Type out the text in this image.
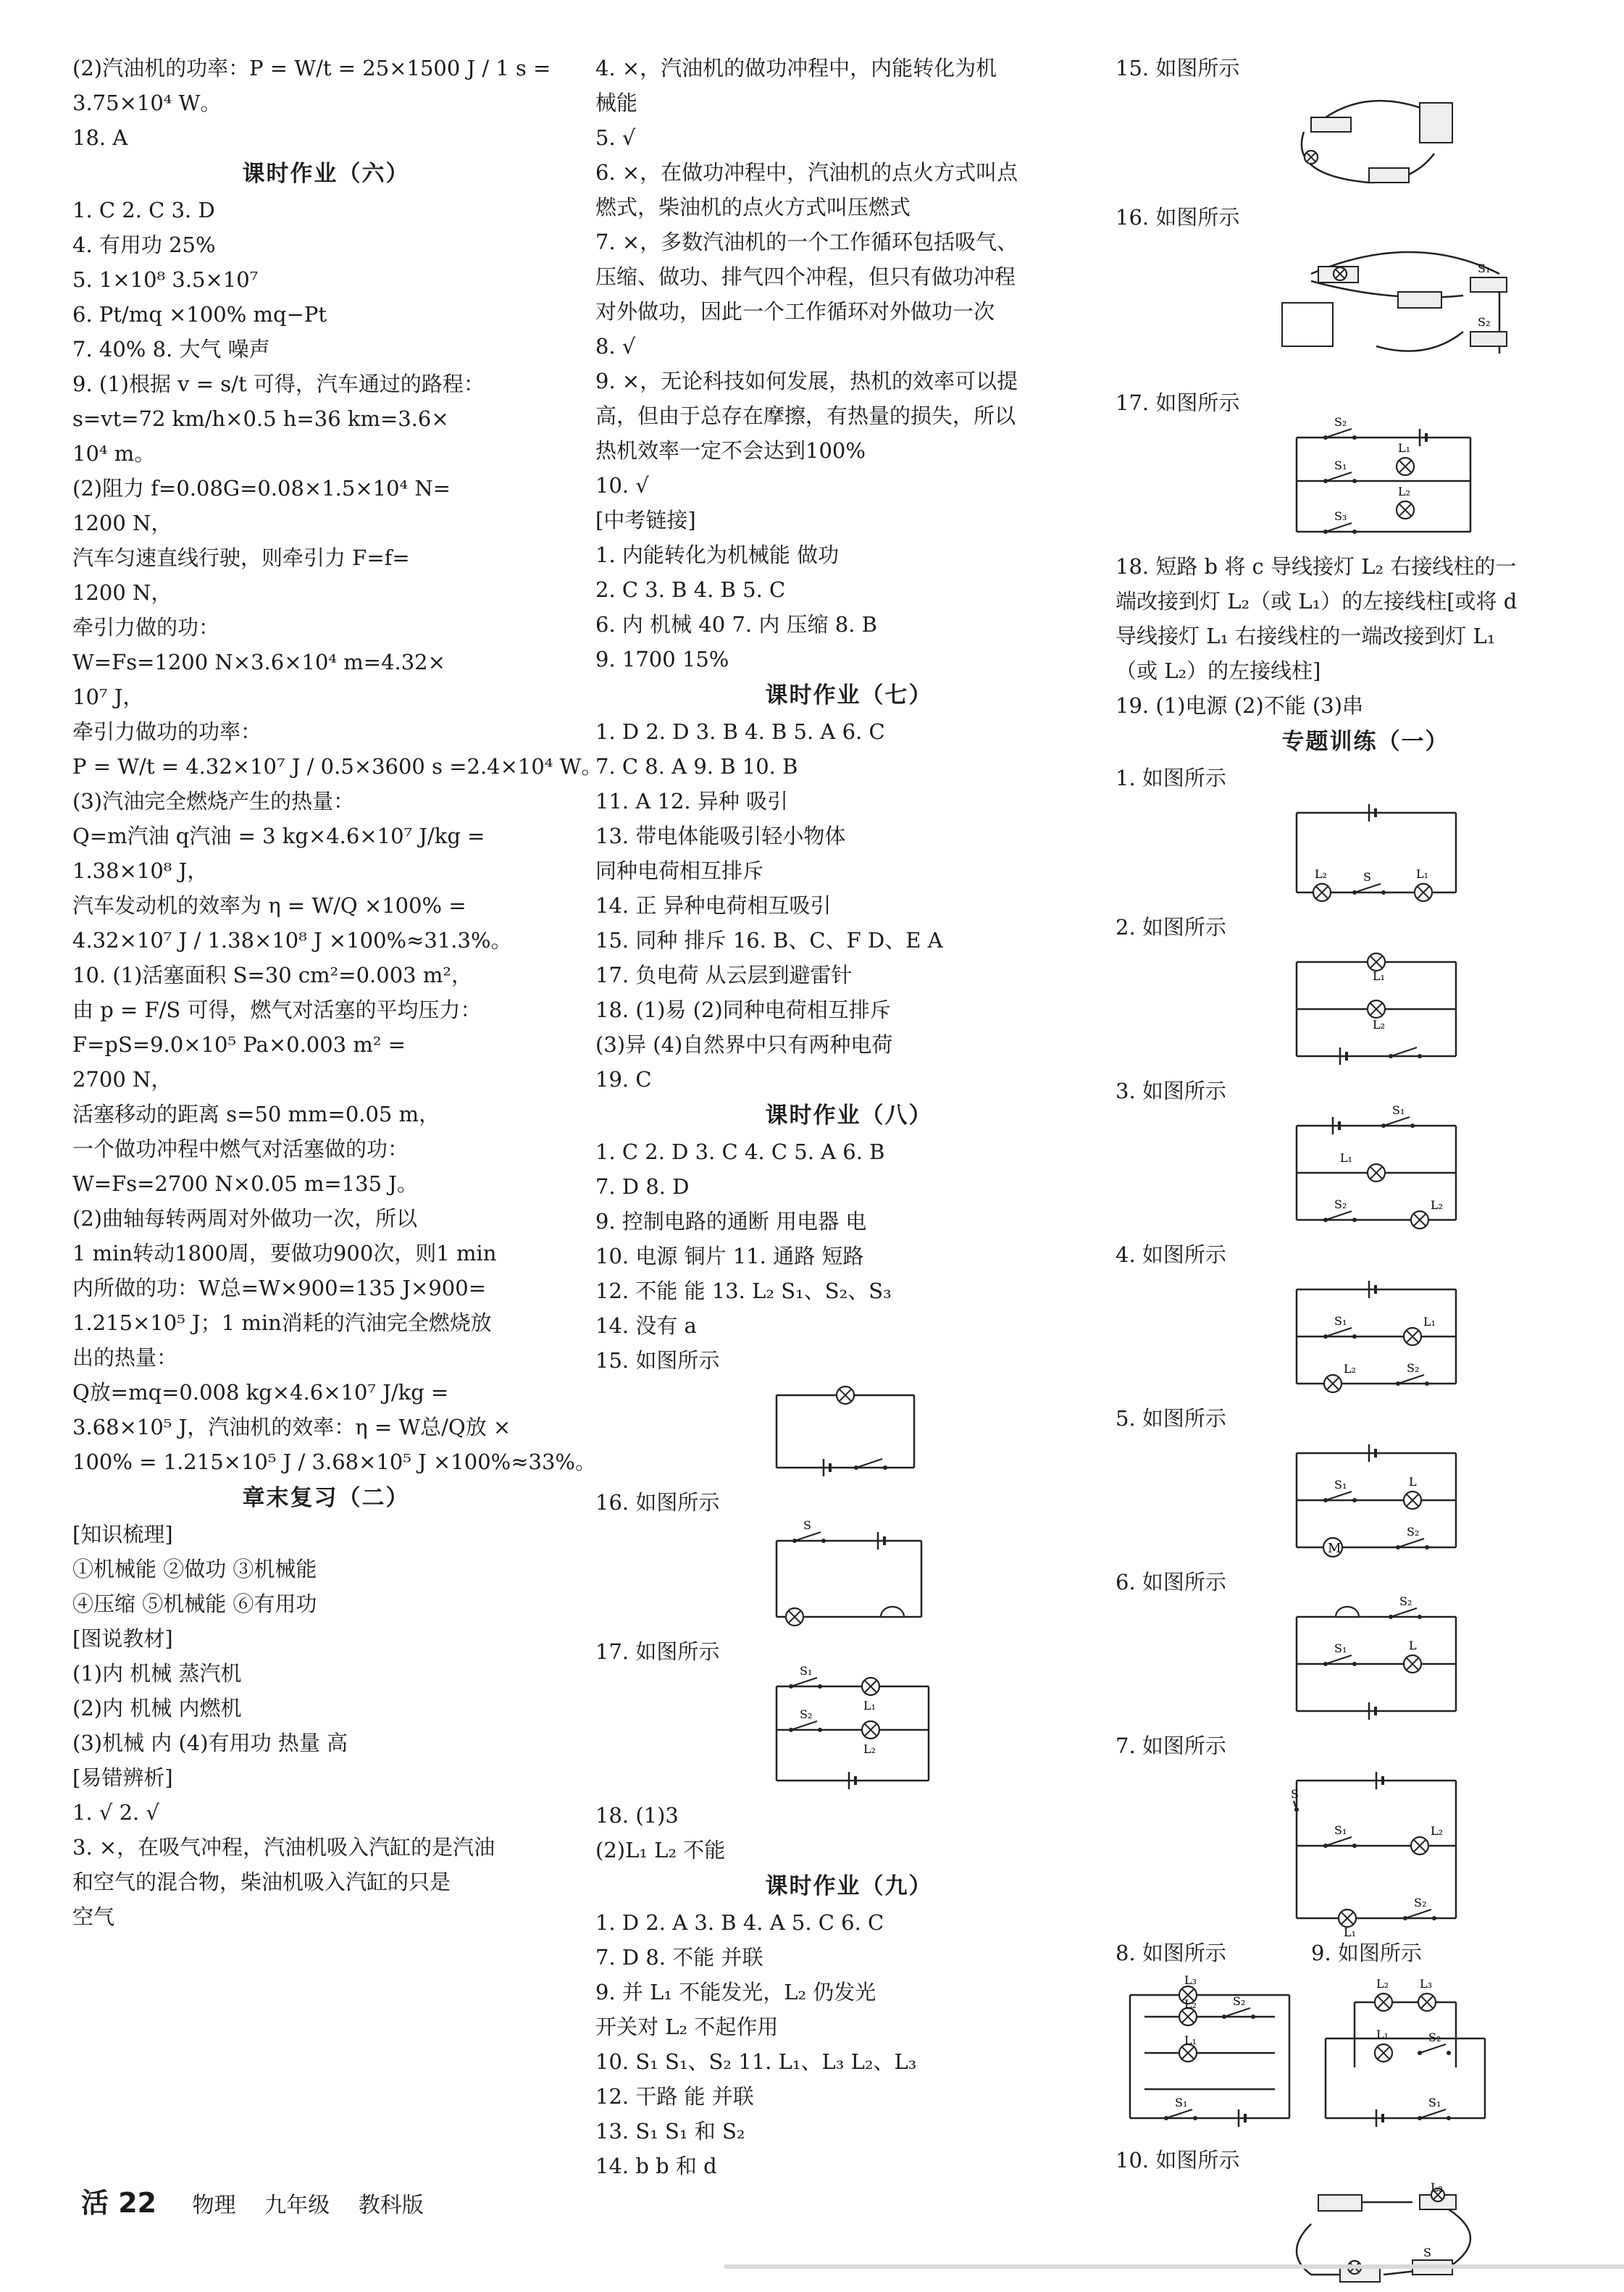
(2)汽油机的功率：P = W/t = 25×1500 J / 1 s =
3.75×10⁴ W。
18. A
课时作业（六）
1. C 2. C 3. D
4. 有用功 25%
5. 1×10⁸ 3.5×10⁷
6. Pt/mq ×100% mq−Pt
7. 40% 8. 大气 噪声
9. (1)根据 v = s/t 可得，汽车通过的路程：
s=vt=72 km/h×0.5 h=36 km=3.6×
10⁴ m。
(2)阻力 f=0.08G=0.08×1.5×10⁴ N=
1200 N，
汽车匀速直线行驶，则牵引力 F=f=
1200 N，
牵引力做的功：
W=Fs=1200 N×3.6×10⁴ m=4.32×
10⁷ J，
牵引力做功的功率：
P = W/t = 4.32×10⁷ J / 0.5×3600 s =2.4×10⁴ W。
(3)汽油完全燃烧产生的热量：
Q=m汽油 q汽油 = 3 kg×4.6×10⁷ J/kg =
1.38×10⁸ J，
汽车发动机的效率为 η = W/Q ×100% =
4.32×10⁷ J / 1.38×10⁸ J ×100%≈31.3%。
10. (1)活塞面积 S=30 cm²=0.003 m²，
由 p = F/S 可得，燃气对活塞的平均压力：
F=pS=9.0×10⁵ Pa×0.003 m² =
2700 N，
活塞移动的距离 s=50 mm=0.05 m，
一个做功冲程中燃气对活塞做的功：
W=Fs=2700 N×0.05 m=135 J。
(2)曲轴每转两周对外做功一次，所以
1 min转动1800周，要做功900次，则1 min
内所做的功：W总=W×900=135 J×900=
1.215×10⁵ J；1 min消耗的汽油完全燃烧放
出的热量：
Q放=mq=0.008 kg×4.6×10⁷ J/kg =
3.68×10⁵ J，汽油机的效率：η = W总/Q放 ×
100% = 1.215×10⁵ J / 3.68×10⁵ J ×100%≈33%。
章末复习（二）
[知识梳理]
①机械能 ②做功 ③机械能
④压缩 ⑤机械能 ⑥有用功
[图说教材]
(1)内 机械 蒸汽机
(2)内 机械 内燃机
(3)机械 内 (4)有用功 热量 高
[易错辨析]
1. √ 2. √
3. ×，在吸气冲程，汽油机吸入汽缸的是汽油
和空气的混合物，柴油机吸入汽缸的只是
空气
4. ×，汽油机的做功冲程中，内能转化为机
械能
5. √
6. ×，在做功冲程中，汽油机的点火方式叫点
燃式，柴油机的点火方式叫压燃式
7. ×，多数汽油机的一个工作循环包括吸气、
压缩、做功、排气四个冲程，但只有做功冲程
对外做功，因此一个工作循环对外做功一次
8. √
9. ×，无论科技如何发展，热机的效率可以提
高，但由于总存在摩擦，有热量的损失，所以
热机效率一定不会达到100%
10. √
[中考链接]
1. 内能转化为机械能 做功
2. C 3. B 4. B 5. C
6. 内 机械 40 7. 内 压缩 8. B
9. 1700 15%
课时作业（七）
1. D 2. D 3. B 4. B 5. A 6. C
7. C 8. A 9. B 10. B
11. A 12. 异种 吸引
13. 带电体能吸引轻小物体
同种电荷相互排斥
14. 正 异种电荷相互吸引
15. 同种 排斥 16. B、C、F D、E A
17. 负电荷 从云层到避雷针
18. (1)易 (2)同种电荷相互排斥
(3)异 (4)自然界中只有两种电荷
19. C
课时作业（八）
1. C 2. D 3. C 4. C 5. A 6. B
7. D 8. D
9. 控制电路的通断 用电器 电
10. 电源 铜片 11. 通路 短路
12. 不能 能 13. L₂ S₁、S₂、S₃
14. 没有 a
15. 如图所示
16. 如图所示
S
17. 如图所示
S₁
L₁
S₂
L₂
18. (1)3
(2)L₁ L₂ 不能
课时作业（九）
1. D 2. A 3. B 4. A 5. C 6. C
7. D 8. 不能 并联
9. 并 L₁ 不能发光，L₂ 仍发光
开关对 L₂ 不起作用
10. S₁ S₁、S₂ 11. L₁、L₃ L₂、L₃
12. 干路 能 并联
13. S₁ S₁ 和 S₂
14. b b 和 d
15. 如图所示
16. 如图所示
S₁
S₂
17. 如图所示
S₂
L₁
S₁
L₂
S₃
18. 短路 b 将 c 导线接灯 L₂ 右接线柱的一
端改接到灯 L₂（或 L₁）的左接线柱[或将 d
导线接灯 L₁ 右接线柱的一端改接到灯 L₁
（或 L₂）的左接线柱]
19. (1)电源 (2)不能 (3)串
专题训练（一）
1. 如图所示
L₂	S	L₁
2. 如图所示
L₁
L₂
3. 如图所示
S₁
L₁
S₂	L₂
4. 如图所示
S₁	L₁
L₂	S₂
5. 如图所示
S₁	L
M
S₂
6. 如图所示
S₂
S₁	L
7. 如图所示
S
S₁	L₂
L₁
S₂
8. 如图所示
L₃
L₂	S₂
L₁
S₁
9. 如图所示
L₂	L₃
L₁	S₂
S₁
10. 如图所示
L₂
S
活 22 物理 九年级 教科版
